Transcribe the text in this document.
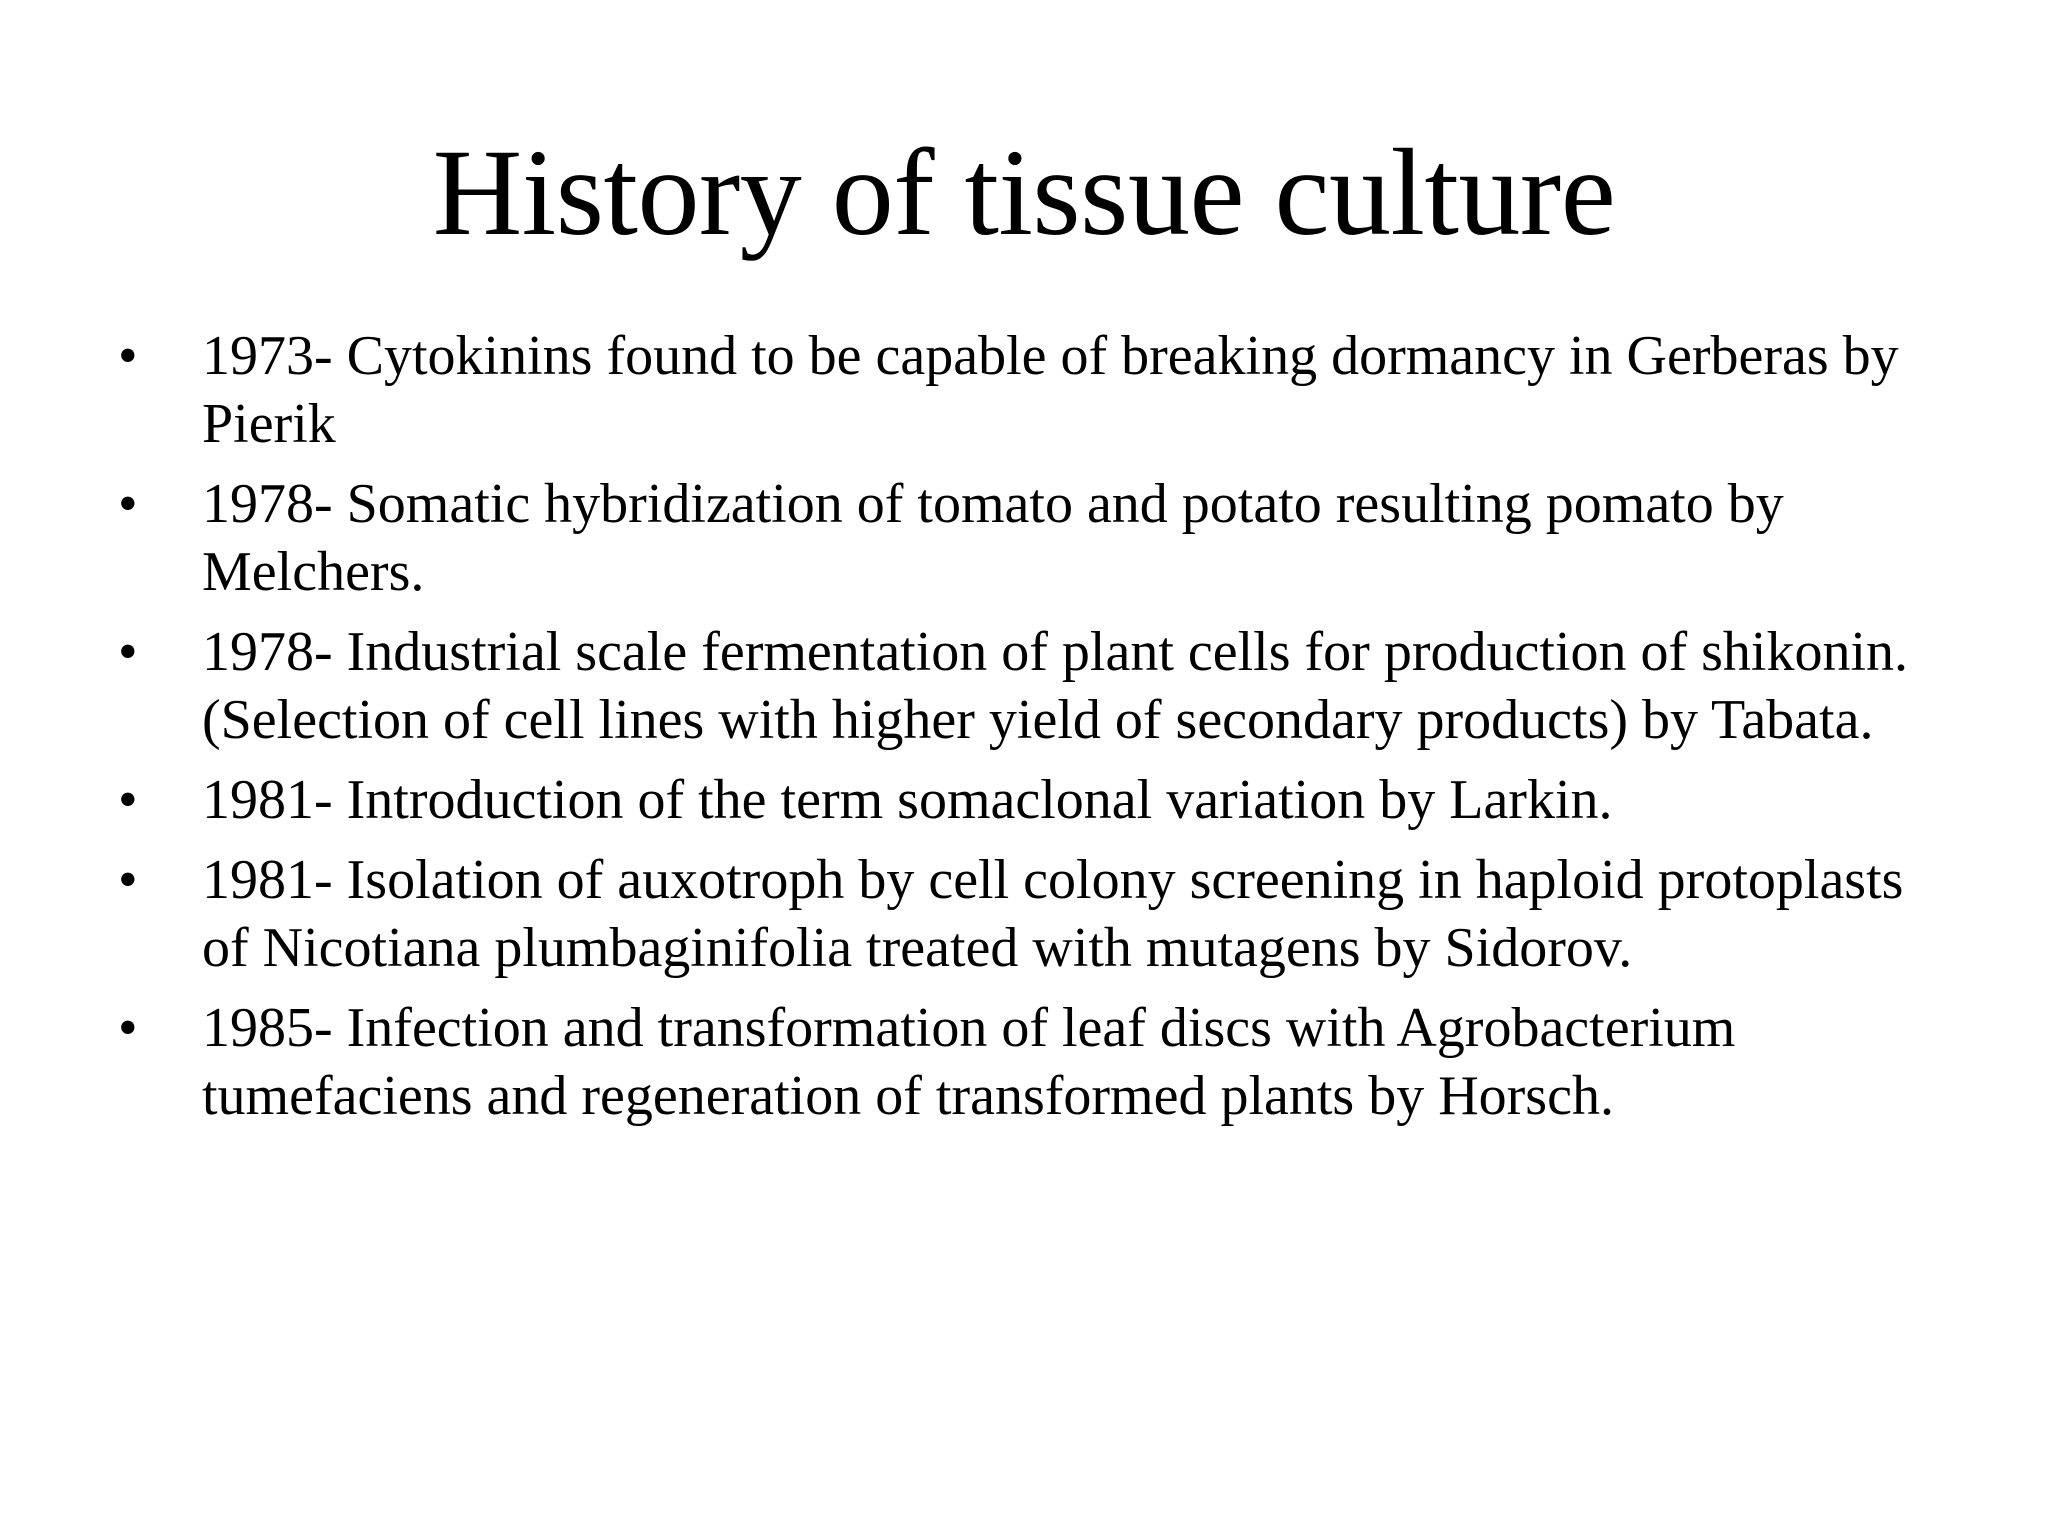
History of tissue culture
•	1973- Cytokinins found to be capable of breaking dormancy in Gerberas by Pierik
•	1978- Somatic hybridization of tomato and potato resulting pomato by Melchers.
•	1978- Industrial scale fermentation of plant cells for production of shikonin. (Selection of cell lines with higher yield of secondary products) by Tabata.
•	1981- Introduction of the term somaclonal variation by Larkin.
•	1981- Isolation of auxotroph by cell colony screening in haploid protoplasts of Nicotiana plumbaginifolia treated with mutagens by Sidorov.
•	1985- Infection and transformation of leaf discs with Agrobacterium tumefaciens and regeneration of transformed plants by Horsch.
